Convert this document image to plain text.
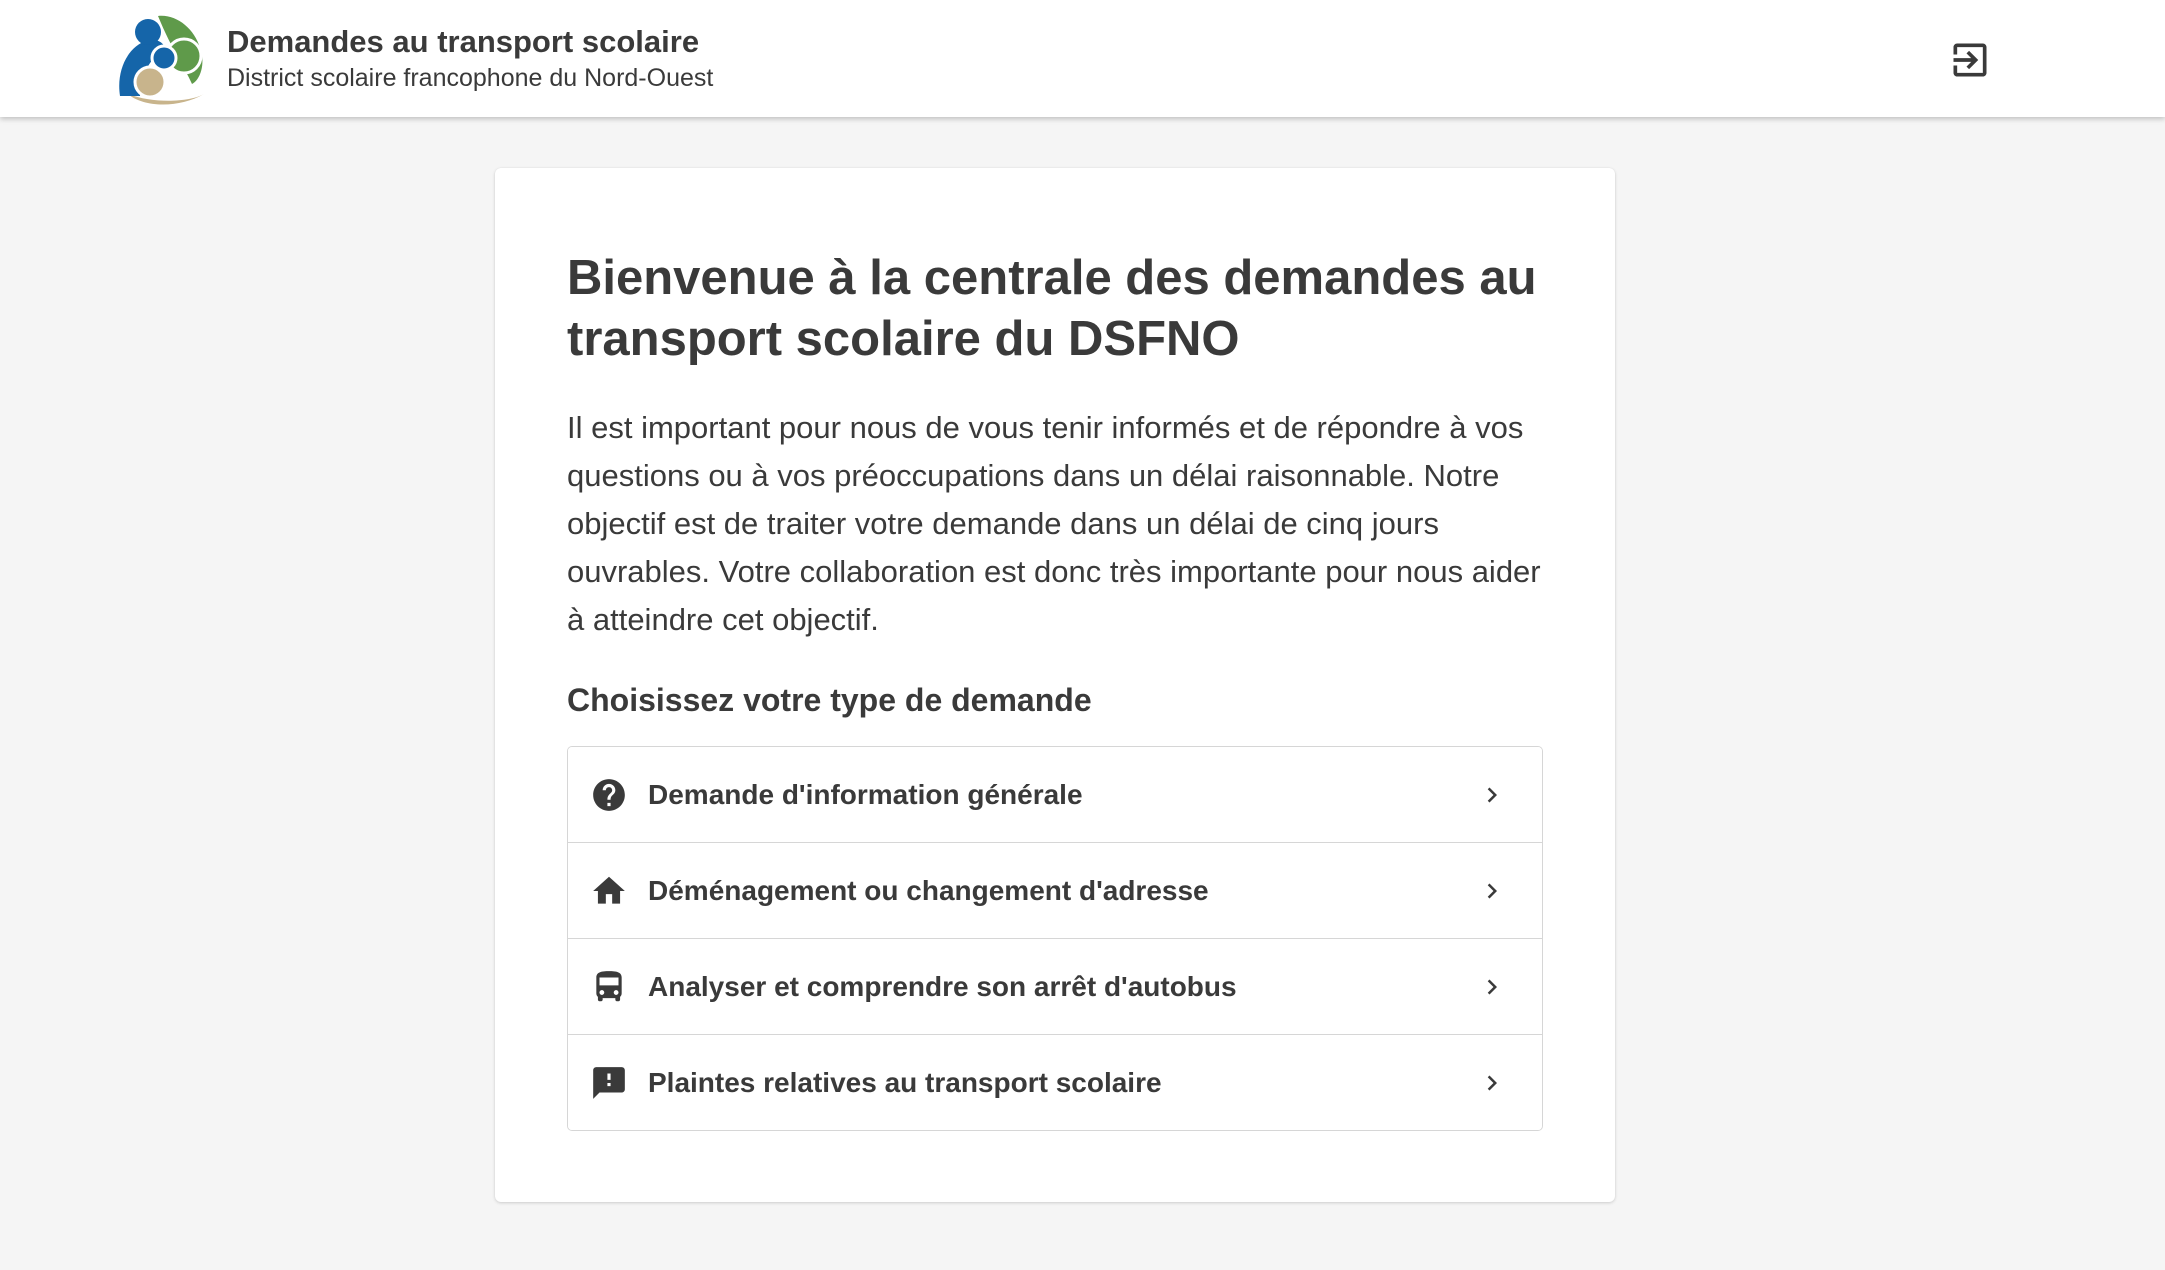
Demandes au transport scolaire
District scolaire francophone du Nord-Ouest
Bienvenue à la centrale des demandes au transport scolaire du DSFNO

Il est important pour nous de vous tenir informés et de répondre à vos questions ou à vos préoccupations dans un délai raisonnable. Notre objectif est de traiter votre demande dans un délai de cinq jours ouvrables. Votre collaboration est donc très importante pour nous aider à atteindre cet objectif.

Choisissez votre type de demande
Demande d'information générale
Déménagement ou changement d'adresse
Analyser et comprendre son arrêt d'autobus
Plaintes relatives au transport scolaire
